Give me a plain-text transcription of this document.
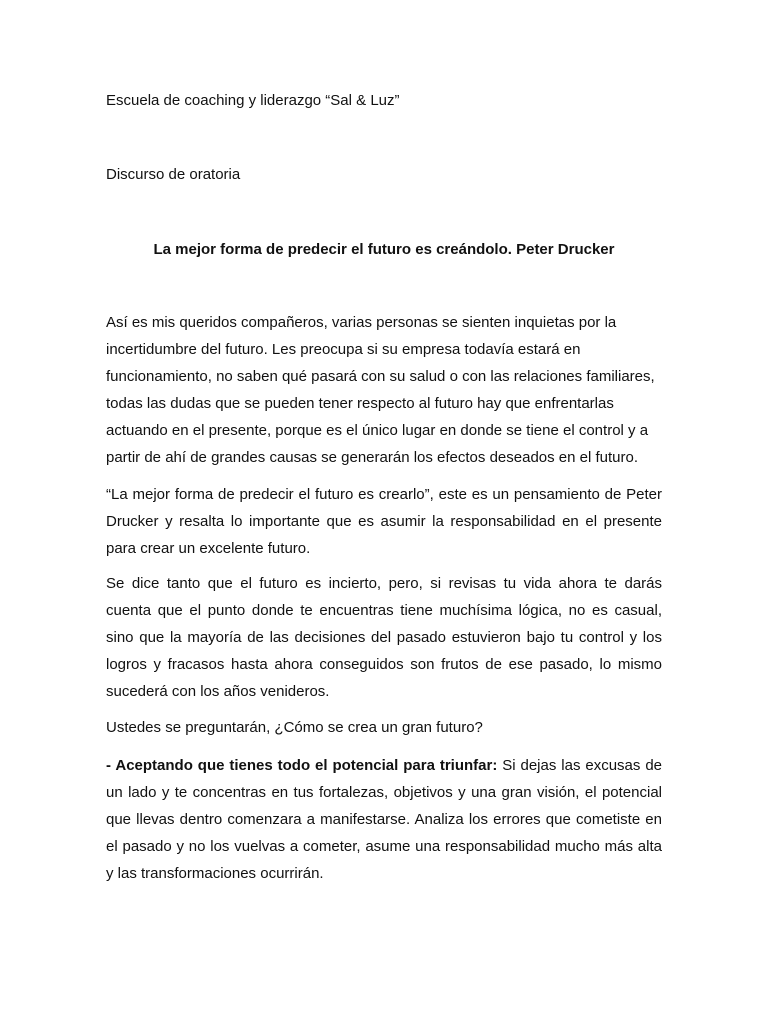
Escuela de coaching y liderazgo “Sal & Luz”

Discurso de oratoria

La mejor forma de predecir el futuro es creándolo. Peter Drucker

Así es mis queridos compañeros, varias personas se sienten inquietas por la
incertidumbre del futuro. Les preocupa si su empresa todavía estará en
funcionamiento, no saben qué pasará con su salud o con las relaciones familiares,
todas las dudas que se pueden tener respecto al futuro hay que enfrentarlas
actuando en el presente, porque es el único lugar en donde se tiene el control y a
partir de ahí de grandes causas se generarán los efectos deseados en el futuro.
“La mejor forma de predecir el futuro es crearlo”, este es un pensamiento de Peter
Drucker y resalta lo importante que es asumir la responsabilidad en el presente
para crear un excelente futuro.
Se dice tanto que el futuro es incierto, pero, si revisas tu vida ahora te darás
cuenta que el punto donde te encuentras tiene muchísima lógica, no es casual,
sino que la mayoría de las decisiones del pasado estuvieron bajo tu control y los
logros y fracasos hasta ahora conseguidos son frutos de ese pasado, lo mismo
sucederá con los años venideros.
Ustedes se preguntarán, ¿Cómo se crea un gran futuro?
- Aceptando que tienes todo el potencial para triunfar: Si dejas las excusas de
un lado y te concentras en tus fortalezas, objetivos y una gran visión, el potencial
que llevas dentro comenzara a manifestarse. Analiza los errores que cometiste en
el pasado y no los vuelvas a cometer, asume una responsabilidad mucho más alta
y las transformaciones ocurrirán.
